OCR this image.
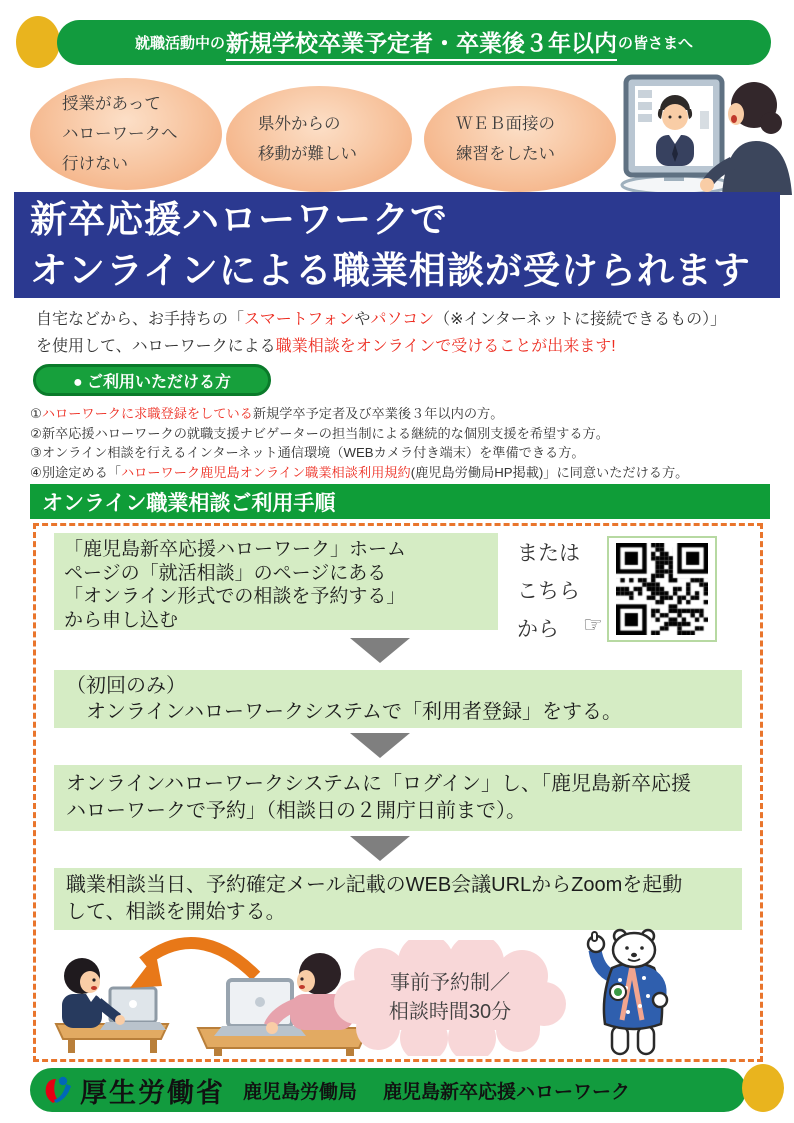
就職活動中の 新規学校卒業予定者・卒業後３年以内 の皆さまへ
授業があって
ハローワークへ
行けない
県外からの
移動が難しい
ＷＥＢ面接の
練習をしたい
新卒応援ハローワークで
オンラインによる職業相談が受けられます
自宅などから、お手持ちの「スマートフォンやパソコン（※インターネットに接続できるもの）」
を使用して、ハローワークによる職業相談をオンラインで受けることが出来ます!
● ご利用いただける方
①ハローワークに求職登録をしている新規学卒予定者及び卒業後３年以内の方。
②新卒応援ハローワークの就職支援ナビゲーターの担当制による継続的な個別支援を希望する方。
③オンライン相談を行えるインターネット通信環境（WEBカメラ付き端末）を準備できる方。
④別途定める「ハローワーク鹿児島オンライン職業相談利用規約(鹿児島労働局HP掲載)」に同意いただける方。
オンライン職業相談ご利用手順
「鹿児島新卒応援ハローワーク」ホーム
ページの「就活相談」のページにある
「オンライン形式での相談を予約する」
から申し込む
または
こちら
から ☞
（初回のみ）
　オンラインハローワークシステムで「利用者登録」をする。
オンラインハローワークシステムに「ログイン」し、「鹿児島新卒応援
ハローワークで予約」（相談日の２開庁日前まで）。
職業相談当日、予約確定メール記載のWEB会議URLからZoomを起動
して、相談を開始する。
事前予約制／
相談時間30分
厚生労働省 鹿児島労働局 鹿児島新卒応援ハローワーク
